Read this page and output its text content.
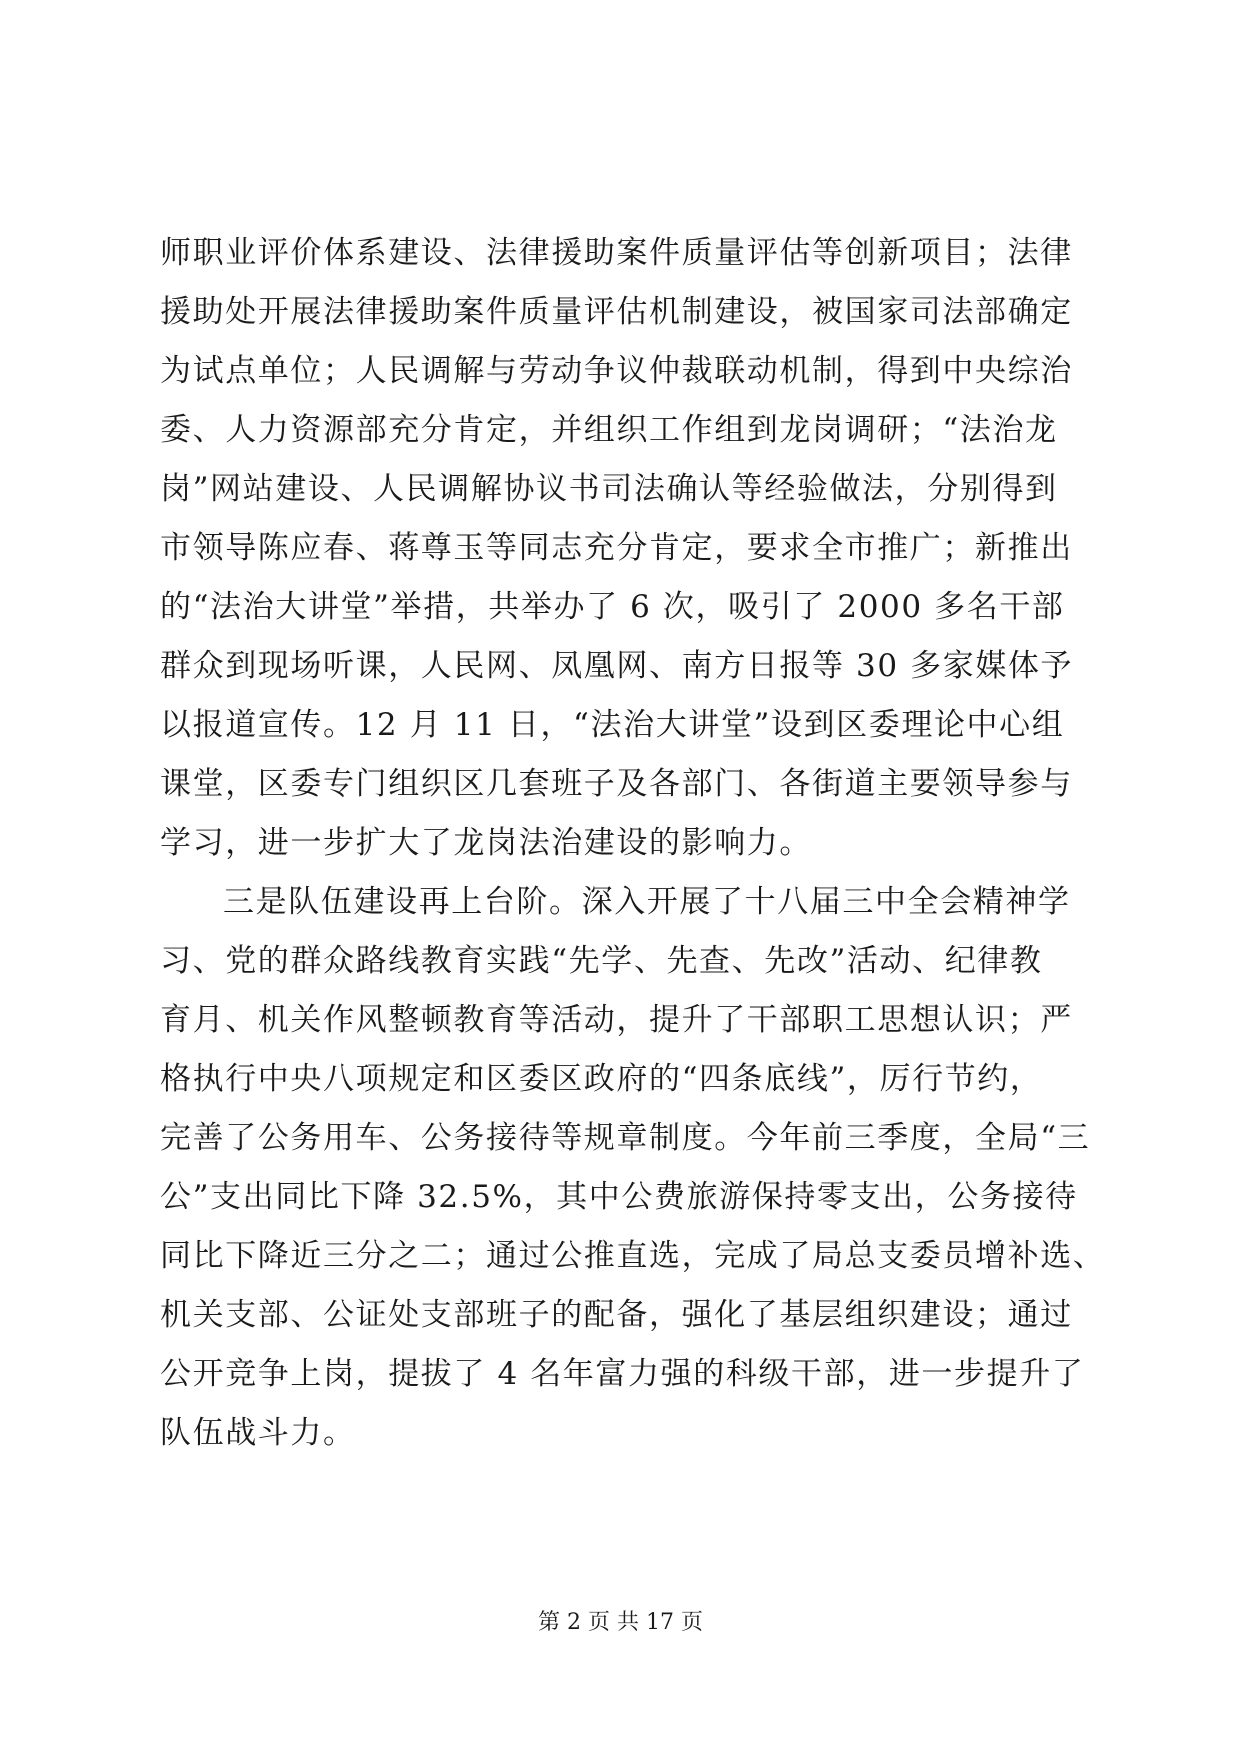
师职业评价体系建设、法律援助案件质量评估等创新项目；法律
援助处开展法律援助案件质量评估机制建设，被国家司法部确定
为试点单位；人民调解与劳动争议仲裁联动机制，得到中央综治
委、人力资源部充分肯定，并组织工作组到龙岗调研；“法治龙
岗”网站建设、人民调解协议书司法确认等经验做法，分别得到
市领导陈应春、蒋尊玉等同志充分肯定，要求全市推广；新推出
的“法治大讲堂”举措，共举办了 6 次，吸引了 2000 多名干部
群众到现场听课，人民网、凤凰网、南方日报等 30 多家媒体予
以报道宣传。12 月 11 日，“法治大讲堂”设到区委理论中心组
课堂，区委专门组织区几套班子及各部门、各街道主要领导参与
学习，进一步扩大了龙岗法治建设的影响力。
三是队伍建设再上台阶。深入开展了十八届三中全会精神学
习、党的群众路线教育实践“先学、先查、先改”活动、纪律教
育月、机关作风整顿教育等活动，提升了干部职工思想认识；严
格执行中央八项规定和区委区政府的“四条底线”，厉行节约，
完善了公务用车、公务接待等规章制度。今年前三季度，全局“三
公”支出同比下降 32.5%，其中公费旅游保持零支出，公务接待
同比下降近三分之二；通过公推直选，完成了局总支委员增补选、
机关支部、公证处支部班子的配备，强化了基层组织建设；通过
公开竞争上岗，提拔了 4 名年富力强的科级干部，进一步提升了
队伍战斗力。
第 2 页 共 17 页
